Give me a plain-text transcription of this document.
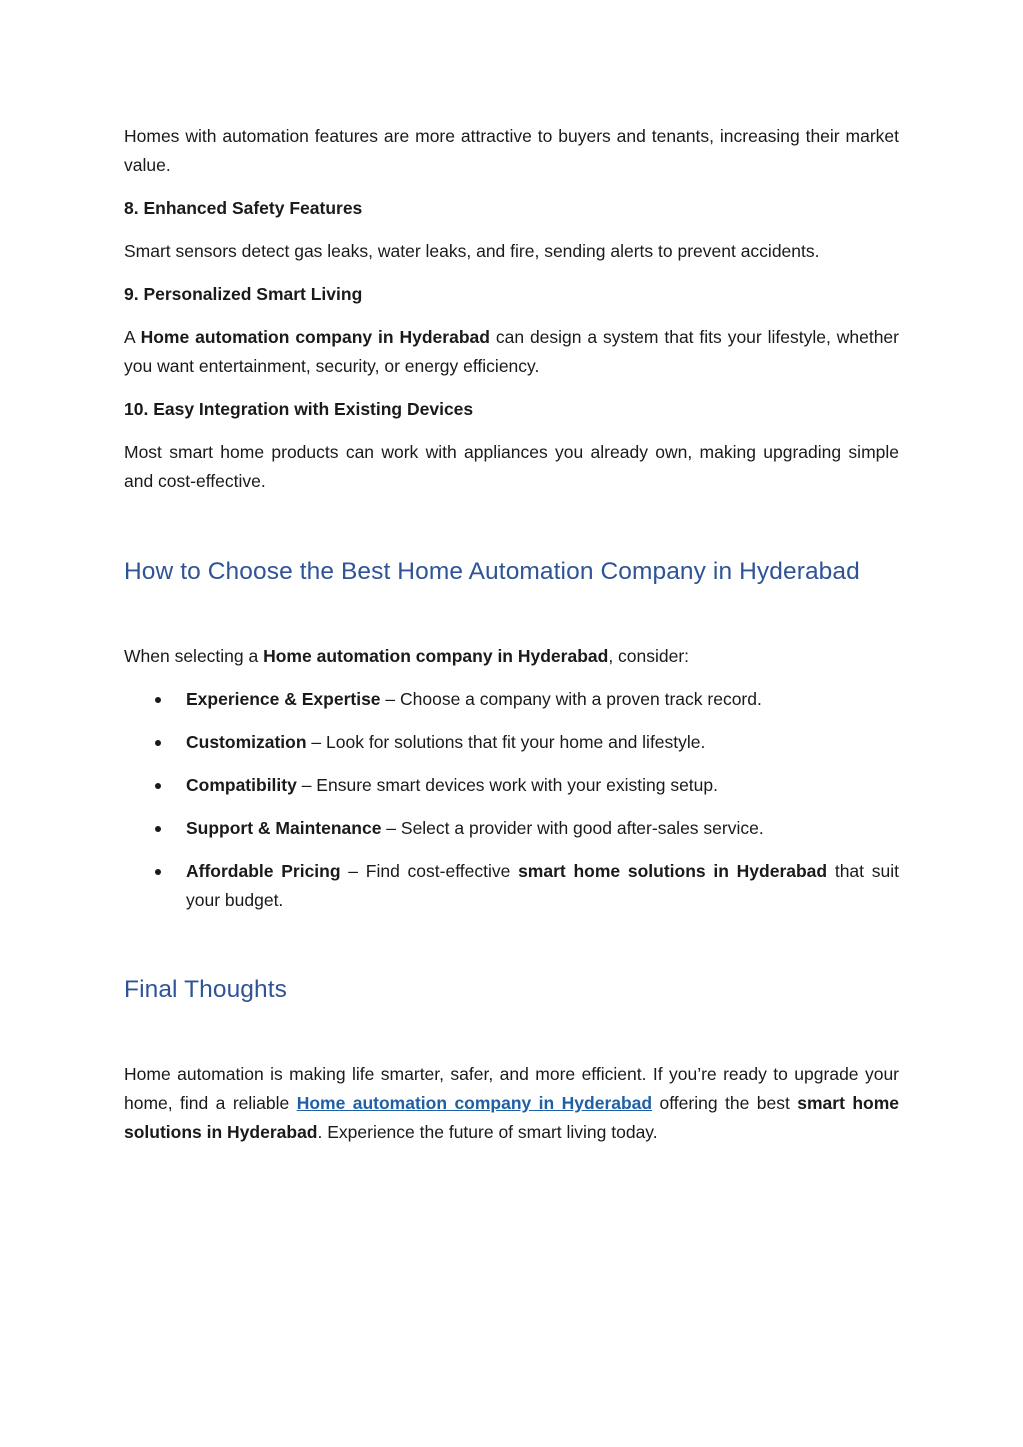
Homes with automation features are more attractive to buyers and tenants, increasing their market value.

8. Enhanced Safety Features

Smart sensors detect gas leaks, water leaks, and fire, sending alerts to prevent accidents.

9. Personalized Smart Living

A Home automation company in Hyderabad can design a system that fits your lifestyle, whether you want entertainment, security, or energy efficiency.

10. Easy Integration with Existing Devices

Most smart home products can work with appliances you already own, making upgrading simple and cost-effective.

How to Choose the Best Home Automation Company in Hyderabad

When selecting a Home automation company in Hyderabad, consider:

Experience & Expertise – Choose a company with a proven track record.
Customization – Look for solutions that fit your home and lifestyle.
Compatibility – Ensure smart devices work with your existing setup.
Support & Maintenance – Select a provider with good after-sales service.
Affordable Pricing – Find cost-effective smart home solutions in Hyderabad that suit your budget.
Final Thoughts

Home automation is making life smarter, safer, and more efficient. If you’re ready to upgrade your home, find a reliable Home automation company in Hyderabad offering the best smart home solutions in Hyderabad. Experience the future of smart living today.
